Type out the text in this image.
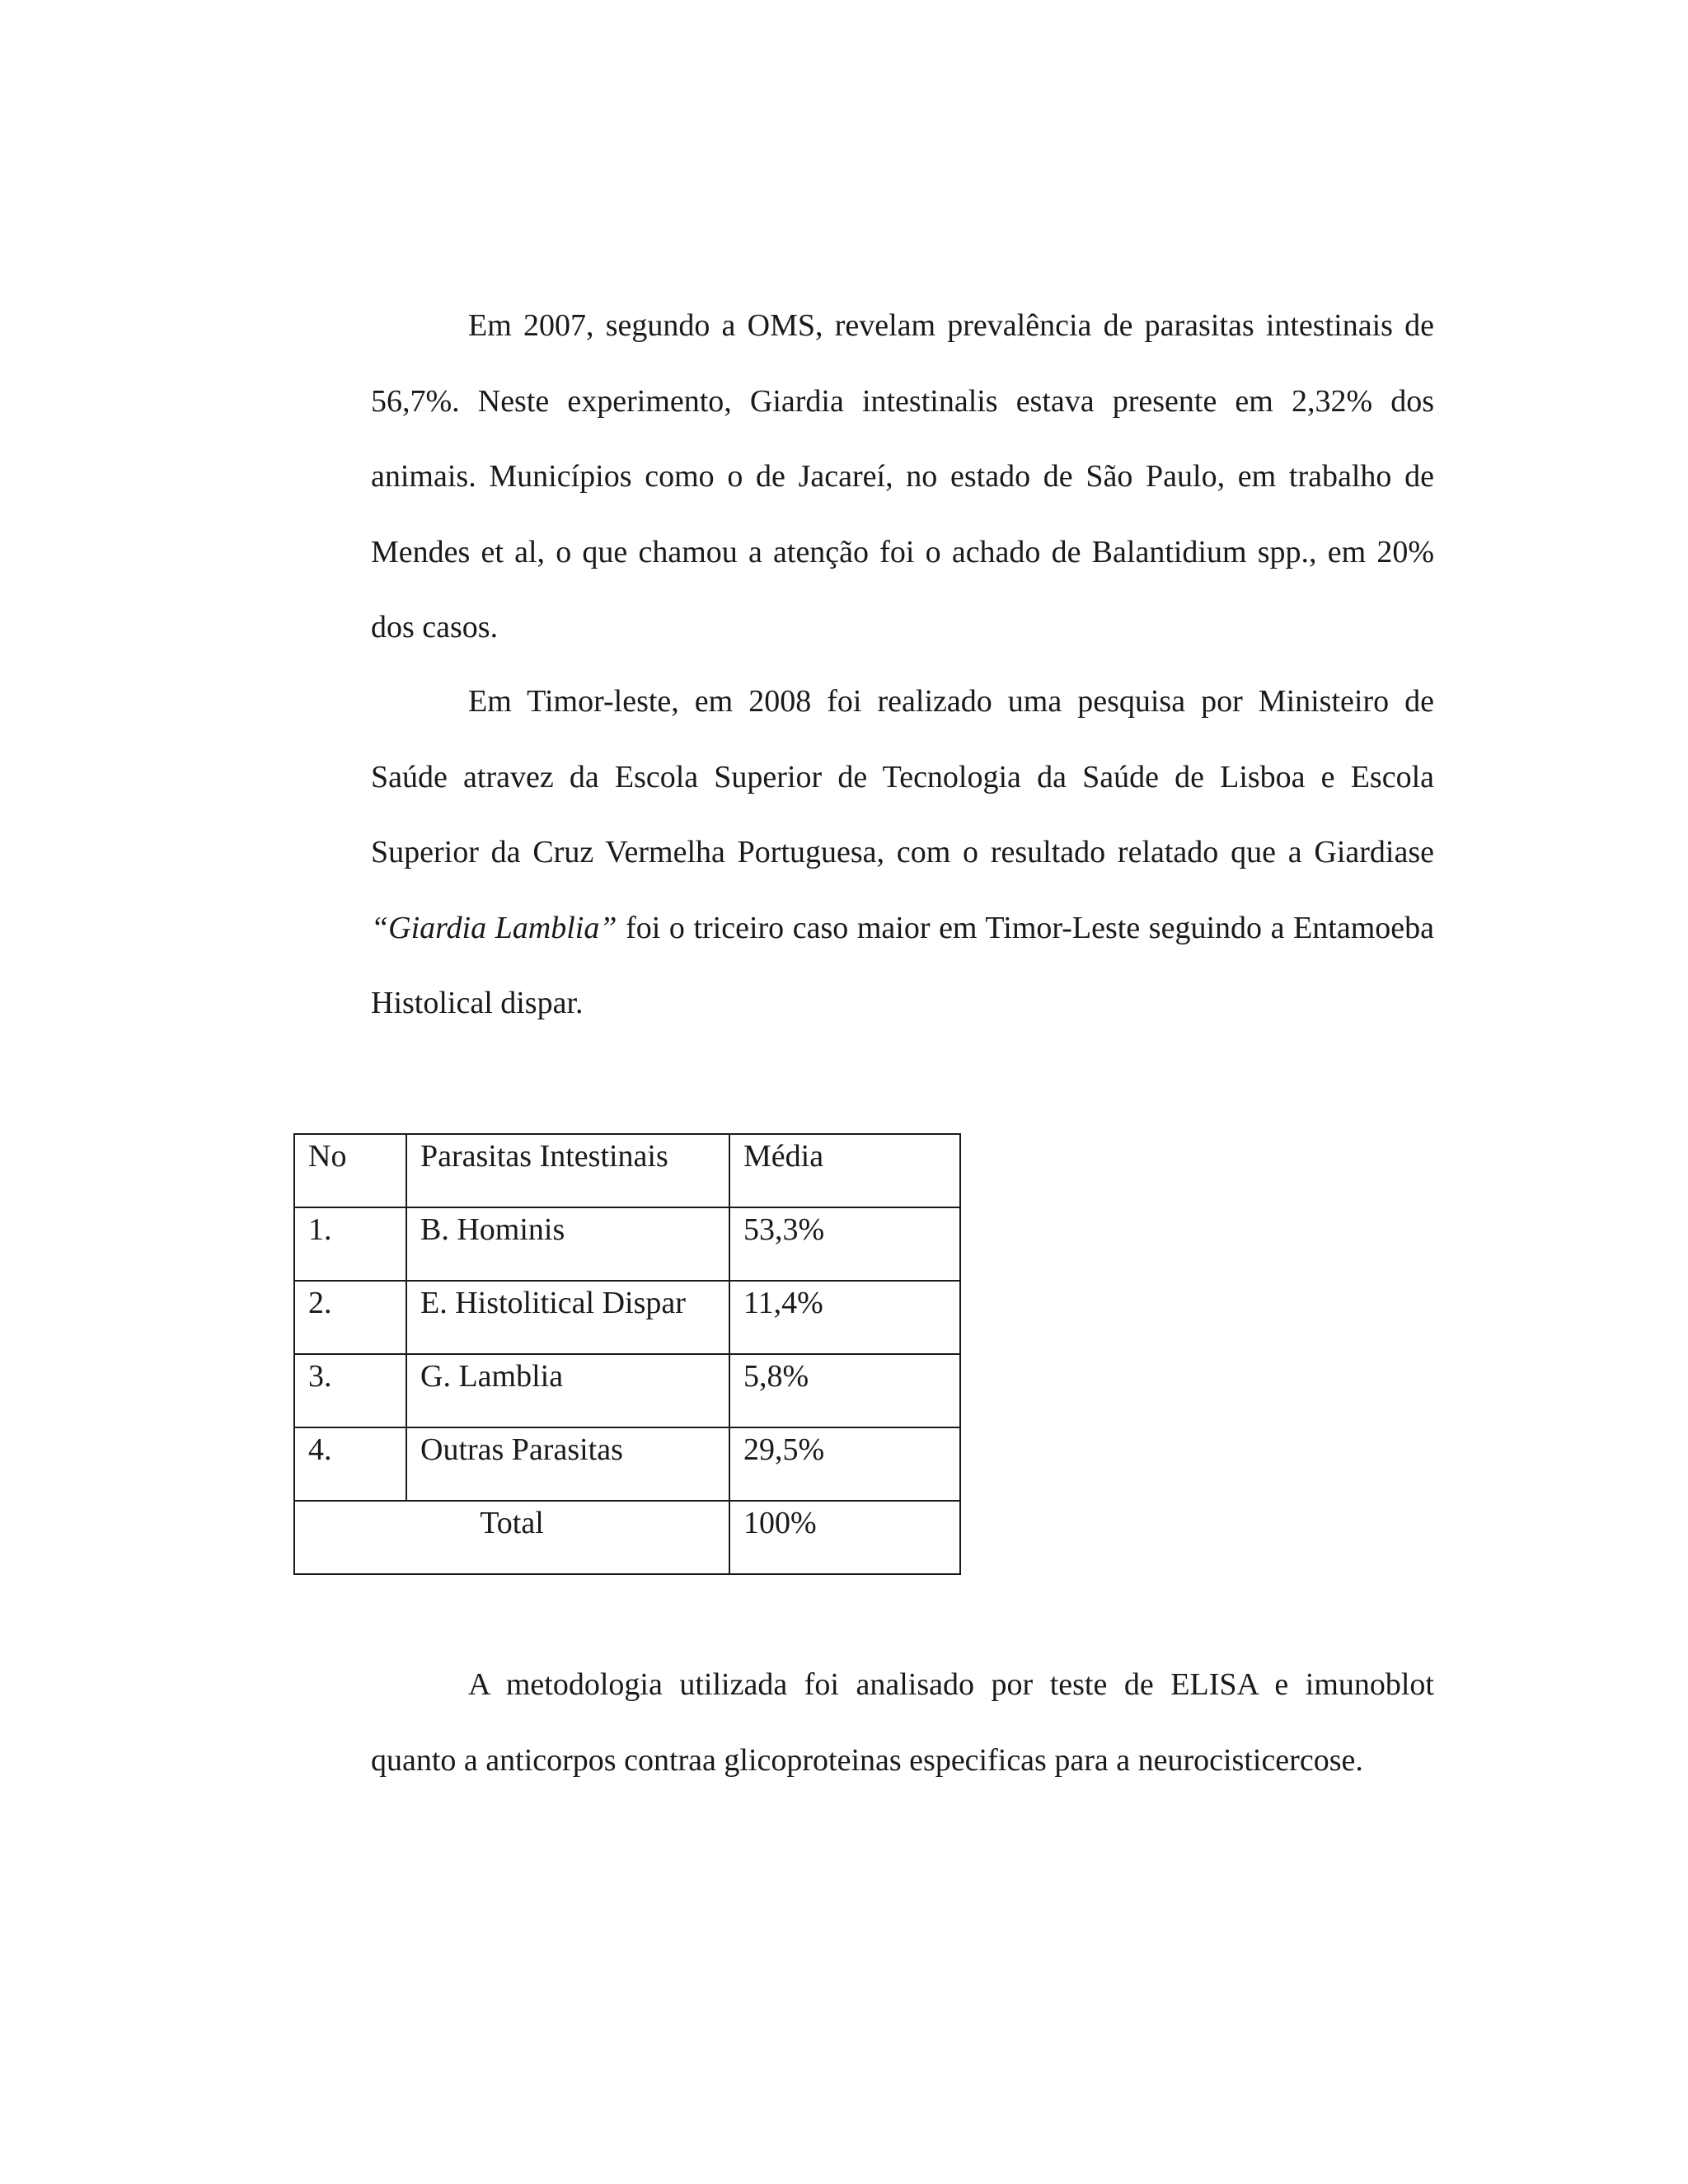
Em 2007, segundo a OMS, revelam prevalência de parasitas intestinais de 56,7%. Neste experimento, Giardia intestinalis estava presente em 2,32% dos animais. Municípios como o de Jacareí, no estado de São Paulo, em trabalho de Mendes et al, o que chamou a atenção foi o achado de Balantidium spp., em 20% dos casos.

Em Timor-leste, em 2008 foi realizado uma pesquisa por Ministeiro de Saúde atravez da Escola Superior de Tecnologia da Saúde de Lisboa e Escola Superior da Cruz Vermelha Portuguesa, com o resultado relatado que a Giardiase “Giardia Lamblia” foi o triceiro caso maior em Timor-Leste seguindo a Entamoeba Histolical dispar.

No	Parasitas Intestinais	Média
1.	B. Hominis	53,3%
2.	E. Histolitical Dispar	11,4%
3.	G. Lamblia	5,8%
4.	Outras Parasitas	29,5%
Total		100%

A metodologia utilizada foi analisado por teste de ELISA e imunoblot quanto a anticorpos contraa glicoproteinas especificas para a neurocisticercose.
